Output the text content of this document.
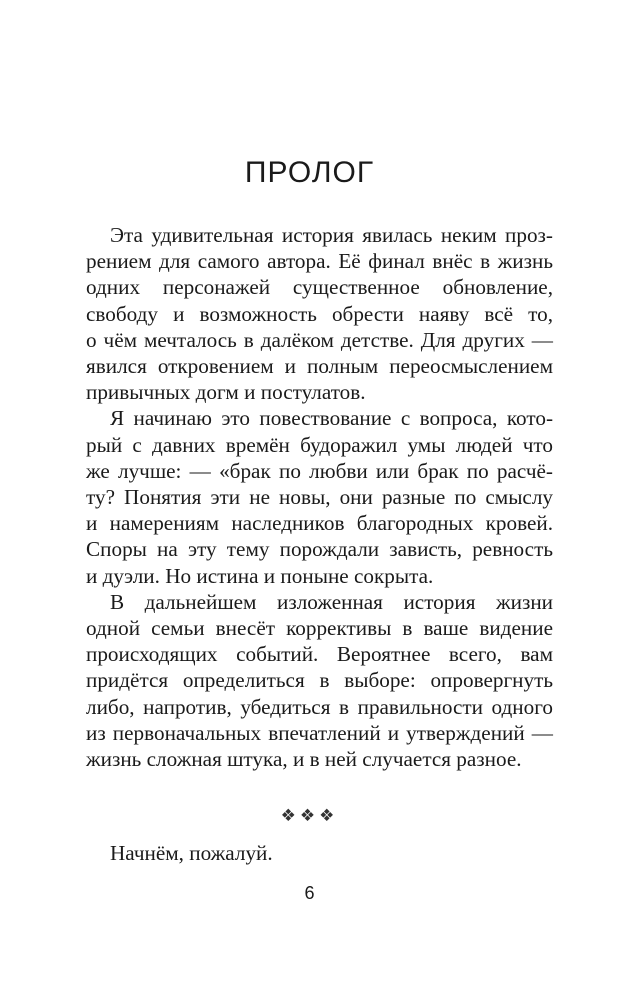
ПРОЛОГ

Эта удивительная история явилась неким проз-
рением для самого автора. Её финал внёс в жизнь
одних персонажей существенное обновление,
свободу и возможность обрести наяву всё то,
о чём мечталось в далёком детстве. Для других —
явился откровением и полным переосмыслением
привычных догм и постулатов.

Я начинаю это повествование с вопроса, кото-
рый с давних времён будоражил умы людей что
же лучше: — «брак по любви или брак по расчё-
ту? Понятия эти не новы, они разные по смыслу
и намерениям наследников благородных кровей.
Споры на эту тему порождали зависть, ревность
и дуэли. Но истина и поныне сокрыта.

В дальнейшем изложенная история жизни
одной семьи внесёт коррективы в ваше видение
происходящих событий. Вероятнее всего, вам
придётся определиться в выборе: опровергнуть
либо, напротив, убедиться в правильности одного
из первоначальных впечатлений и утверждений —
жизнь сложная штука, и в ней случается разное.

❖❖❖

Начнём, пожалуй.

6
